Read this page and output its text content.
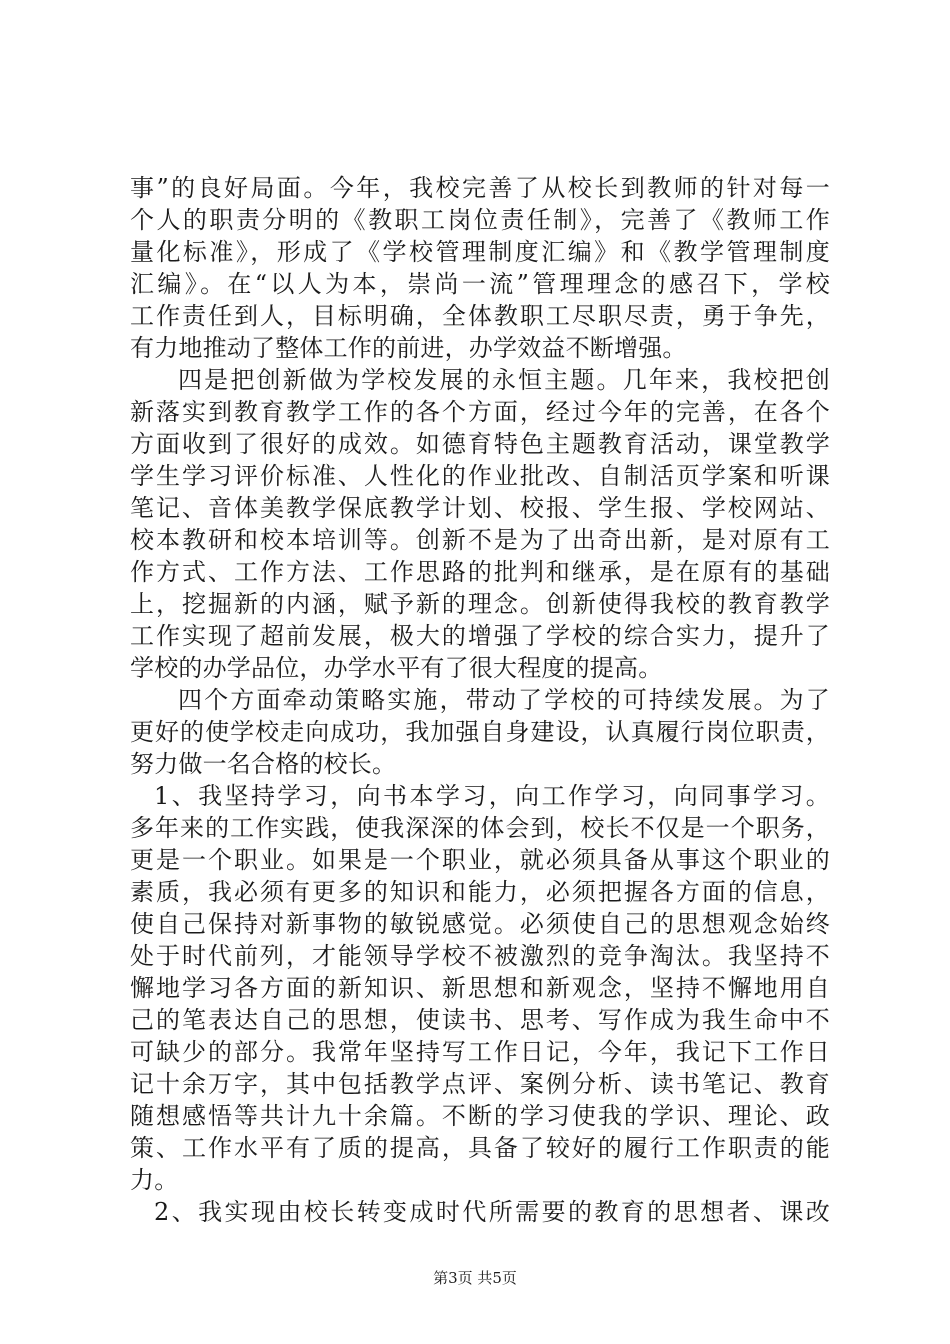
事”的良好局面。今年，我校完善了从校长到教师的针对每一
个人的职责分明的《教职工岗位责任制》，完善了《教师工作
量化标准》，形成了《学校管理制度汇编》和《教学管理制度
汇编》。在“以人为本，崇尚一流”管理理念的感召下，学校
工作责任到人，目标明确，全体教职工尽职尽责，勇于争先，
有力地推动了整体工作的前进，办学效益不断增强。
四是把创新做为学校发展的永恒主题。几年来，我校把创
新落实到教育教学工作的各个方面，经过今年的完善，在各个
方面收到了很好的成效。如德育特色主题教育活动，课堂教学
学生学习评价标准、人性化的作业批改、自制活页学案和听课
笔记、音体美教学保底教学计划、校报、学生报、学校网站、
校本教研和校本培训等。创新不是为了出奇出新，是对原有工
作方式、工作方法、工作思路的批判和继承，是在原有的基础
上，挖掘新的内涵，赋予新的理念。创新使得我校的教育教学
工作实现了超前发展，极大的增强了学校的综合实力，提升了
学校的办学品位，办学水平有了很大程度的提高。
四个方面牵动策略实施，带动了学校的可持续发展。为了
更好的使学校走向成功，我加强自身建设，认真履行岗位职责，
努力做一名合格的校长。
1、我坚持学习，向书本学习，向工作学习，向同事学习。
多年来的工作实践，使我深深的体会到，校长不仅是一个职务，
更是一个职业。如果是一个职业，就必须具备从事这个职业的
素质，我必须有更多的知识和能力，必须把握各方面的信息，
使自己保持对新事物的敏锐感觉。必须使自己的思想观念始终
处于时代前列，才能领导学校不被激烈的竞争淘汰。我坚持不
懈地学习各方面的新知识、新思想和新观念，坚持不懈地用自
己的笔表达自己的思想，使读书、思考、写作成为我生命中不
可缺少的部分。我常年坚持写工作日记，今年，我记下工作日
记十余万字，其中包括教学点评、案例分析、读书笔记、教育
随想感悟等共计九十余篇。不断的学习使我的学识、理论、政
策、工作水平有了质的提高，具备了较好的履行工作职责的能
力。
2、我实现由校长转变成时代所需要的教育的思想者、课改
第3页 共5页
